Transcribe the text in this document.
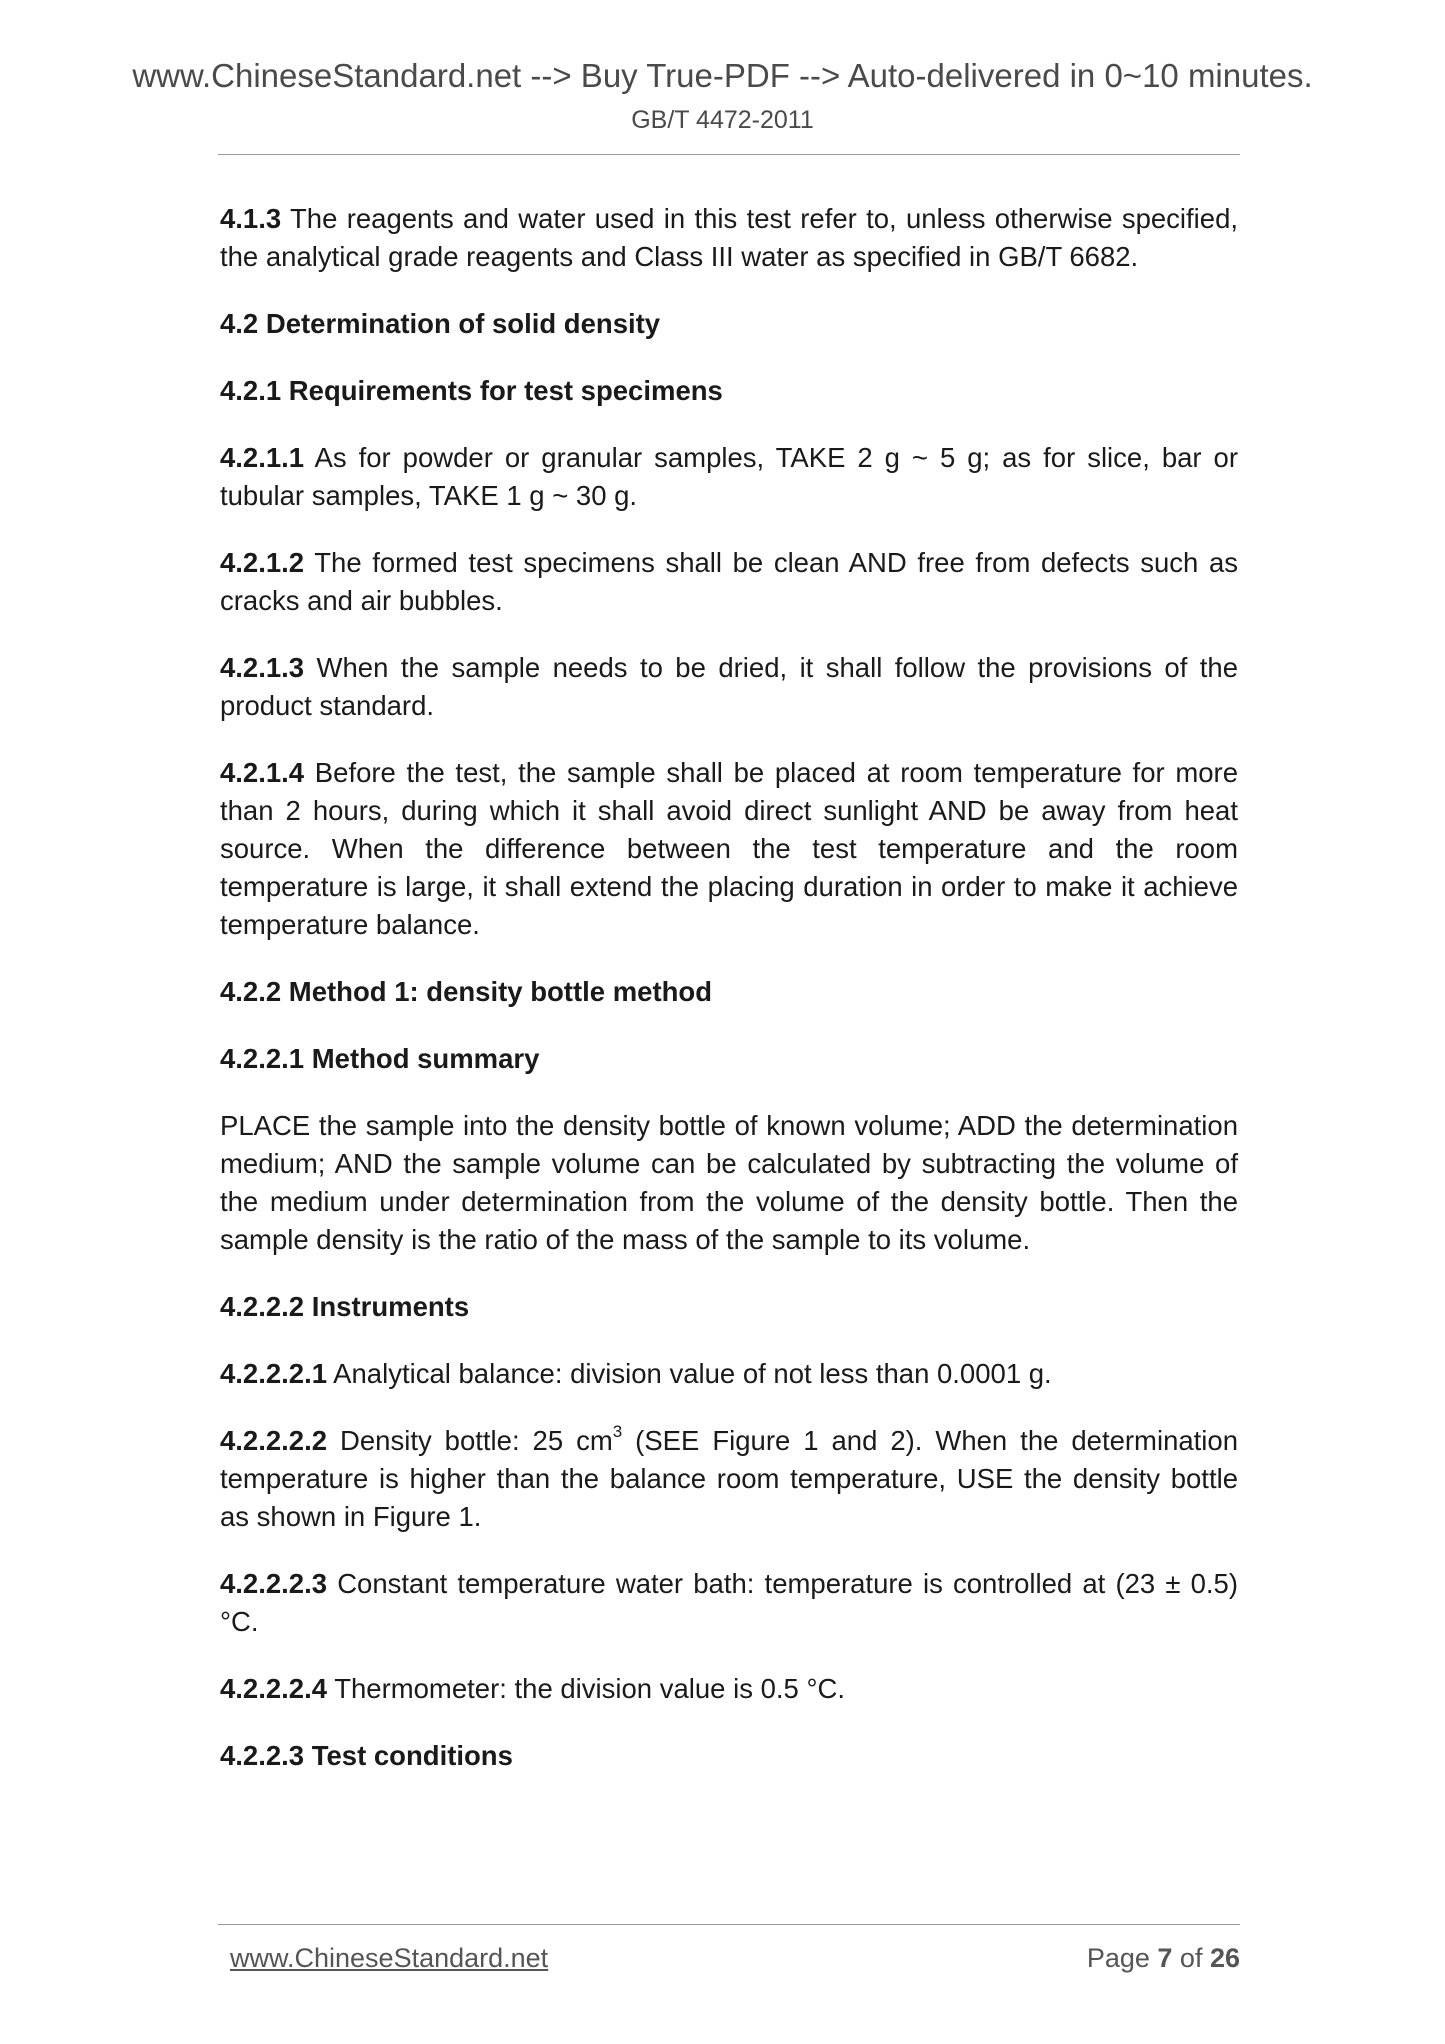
www.ChineseStandard.net --> Buy True-PDF --> Auto-delivered in 0~10 minutes.
GB/T 4472-2011

4.1.3 The reagents and water used in this test refer to, unless otherwise specified, the analytical grade reagents and Class III water as specified in GB/T 6682.

4.2 Determination of solid density

4.2.1 Requirements for test specimens

4.2.1.1 As for powder or granular samples, TAKE 2 g ~ 5 g; as for slice, bar or tubular samples, TAKE 1 g ~ 30 g.

4.2.1.2 The formed test specimens shall be clean AND free from defects such as cracks and air bubbles.

4.2.1.3 When the sample needs to be dried, it shall follow the provisions of the product standard.

4.2.1.4 Before the test, the sample shall be placed at room temperature for more than 2 hours, during which it shall avoid direct sunlight AND be away from heat source. When the difference between the test temperature and the room temperature is large, it shall extend the placing duration in order to make it achieve temperature balance.

4.2.2 Method 1: density bottle method

4.2.2.1 Method summary

PLACE the sample into the density bottle of known volume; ADD the determination medium; AND the sample volume can be calculated by subtracting the volume of the medium under determination from the volume of the density bottle. Then the sample density is the ratio of the mass of the sample to its volume.

4.2.2.2 Instruments

4.2.2.2.1 Analytical balance: division value of not less than 0.0001 g.

4.2.2.2.2 Density bottle: 25 $cm^3$ (SEE Figure 1 and 2). When the determination temperature is higher than the balance room temperature, USE the density bottle as shown in Figure 1.

4.2.2.2.3 Constant temperature water bath: temperature is controlled at (23 ± 0.5) °C.

4.2.2.2.4 Thermometer: the division value is 0.5 °C.

4.2.2.3 Test conditions

www.ChineseStandard.net	Page 7 of 26
